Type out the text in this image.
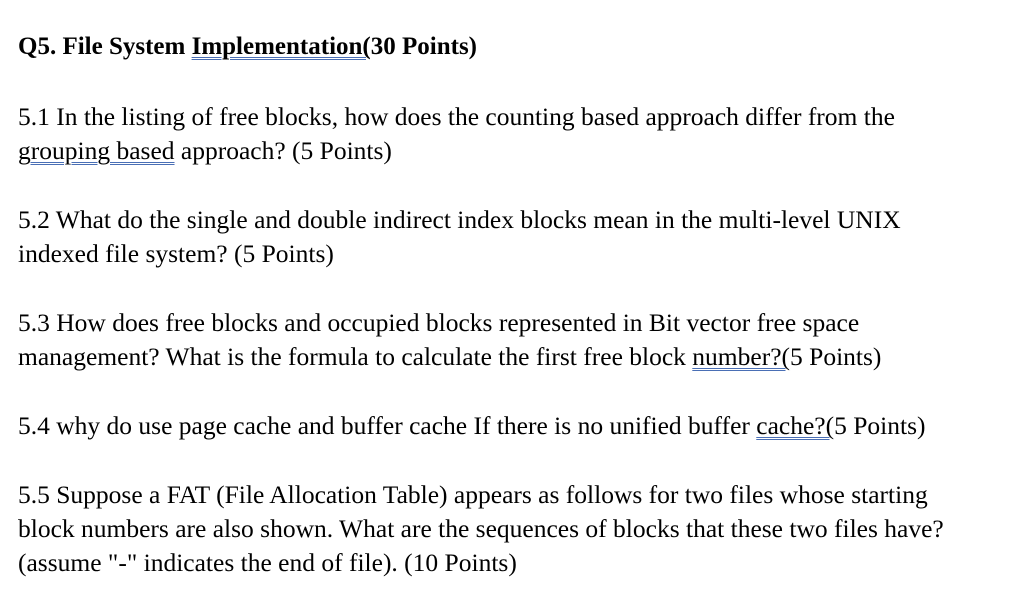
Q5. File System Implementation(30 Points)
5.1 In the listing of free blocks, how does the counting based approach differ from the
grouping based approach? (5 Points)
5.2 What do the single and double indirect index blocks mean in the multi-level UNIX
indexed file system? (5 Points)
5.3 How does free blocks and occupied blocks represented in Bit vector free space
management? What is the formula to calculate the first free block number?(5 Points)
5.4 why do use page cache and buffer cache If there is no unified buffer cache?(5 Points)
5.5 Suppose a FAT (File Allocation Table) appears as follows for two files whose starting
block numbers are also shown. What are the sequences of blocks that these two files have?
(assume "-" indicates the end of file). (10 Points)
